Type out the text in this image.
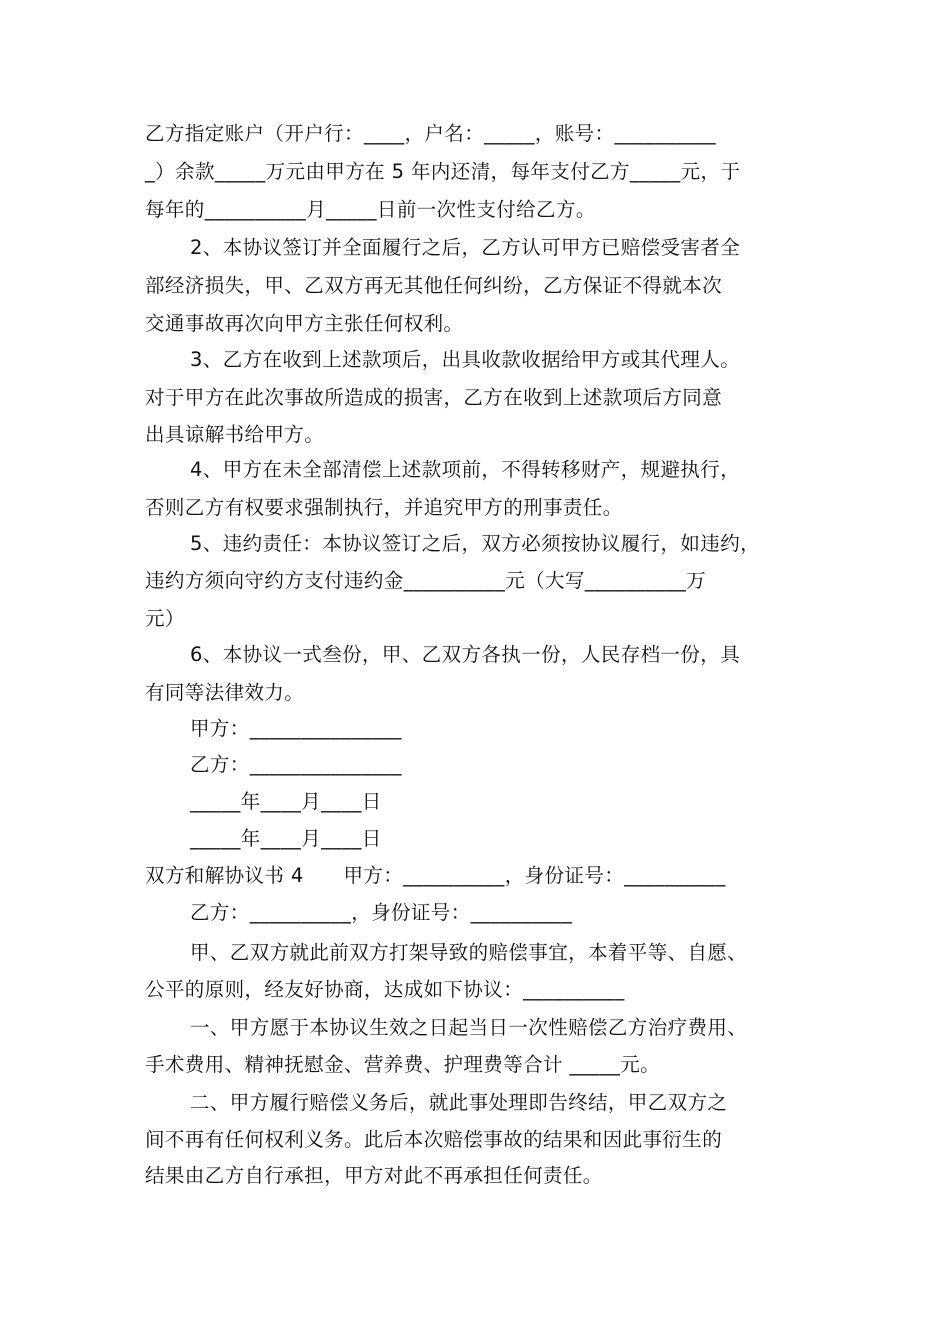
乙方指定账户（开户行：____，户名：_____，账号：__________
_）余款_____万元由甲方在 5 年内还清，每年支付乙方_____元，于
每年的__________月_____日前一次性支付给乙方。
2、本协议签订并全面履行之后，乙方认可甲方已赔偿受害者全
部经济损失，甲、乙双方再无其他任何纠纷，乙方保证不得就本次
交通事故再次向甲方主张任何权利。
3、乙方在收到上述款项后，出具收款收据给甲方或其代理人。
对于甲方在此次事故所造成的损害，乙方在收到上述款项后方同意
出具谅解书给甲方。
4、甲方在未全部清偿上述款项前，不得转移财产，规避执行，
否则乙方有权要求强制执行，并追究甲方的刑事责任。
5、违约责任：本协议签订之后，双方必须按协议履行，如违约，
违约方须向守约方支付违约金__________元（大写__________万
元）
6、本协议一式叁份，甲、乙双方各执一份，人民存档一份，具
有同等法律效力。
甲方：_______________
乙方：_______________
_____年____月____日
_____年____月____日
双方和解协议书 4　　甲方：__________，身份证号：__________
乙方：__________，身份证号：__________
甲、乙双方就此前双方打架导致的赔偿事宜，本着平等、自愿、
公平的原则，经友好协商，达成如下协议：__________
一、甲方愿于本协议生效之日起当日一次性赔偿乙方治疗费用、
手术费用、精神抚慰金、营养费、护理费等合计 _____元。
二、甲方履行赔偿义务后，就此事处理即告终结，甲乙双方之
间不再有任何权利义务。此后本次赔偿事故的结果和因此事衍生的
结果由乙方自行承担，甲方对此不再承担任何责任。
